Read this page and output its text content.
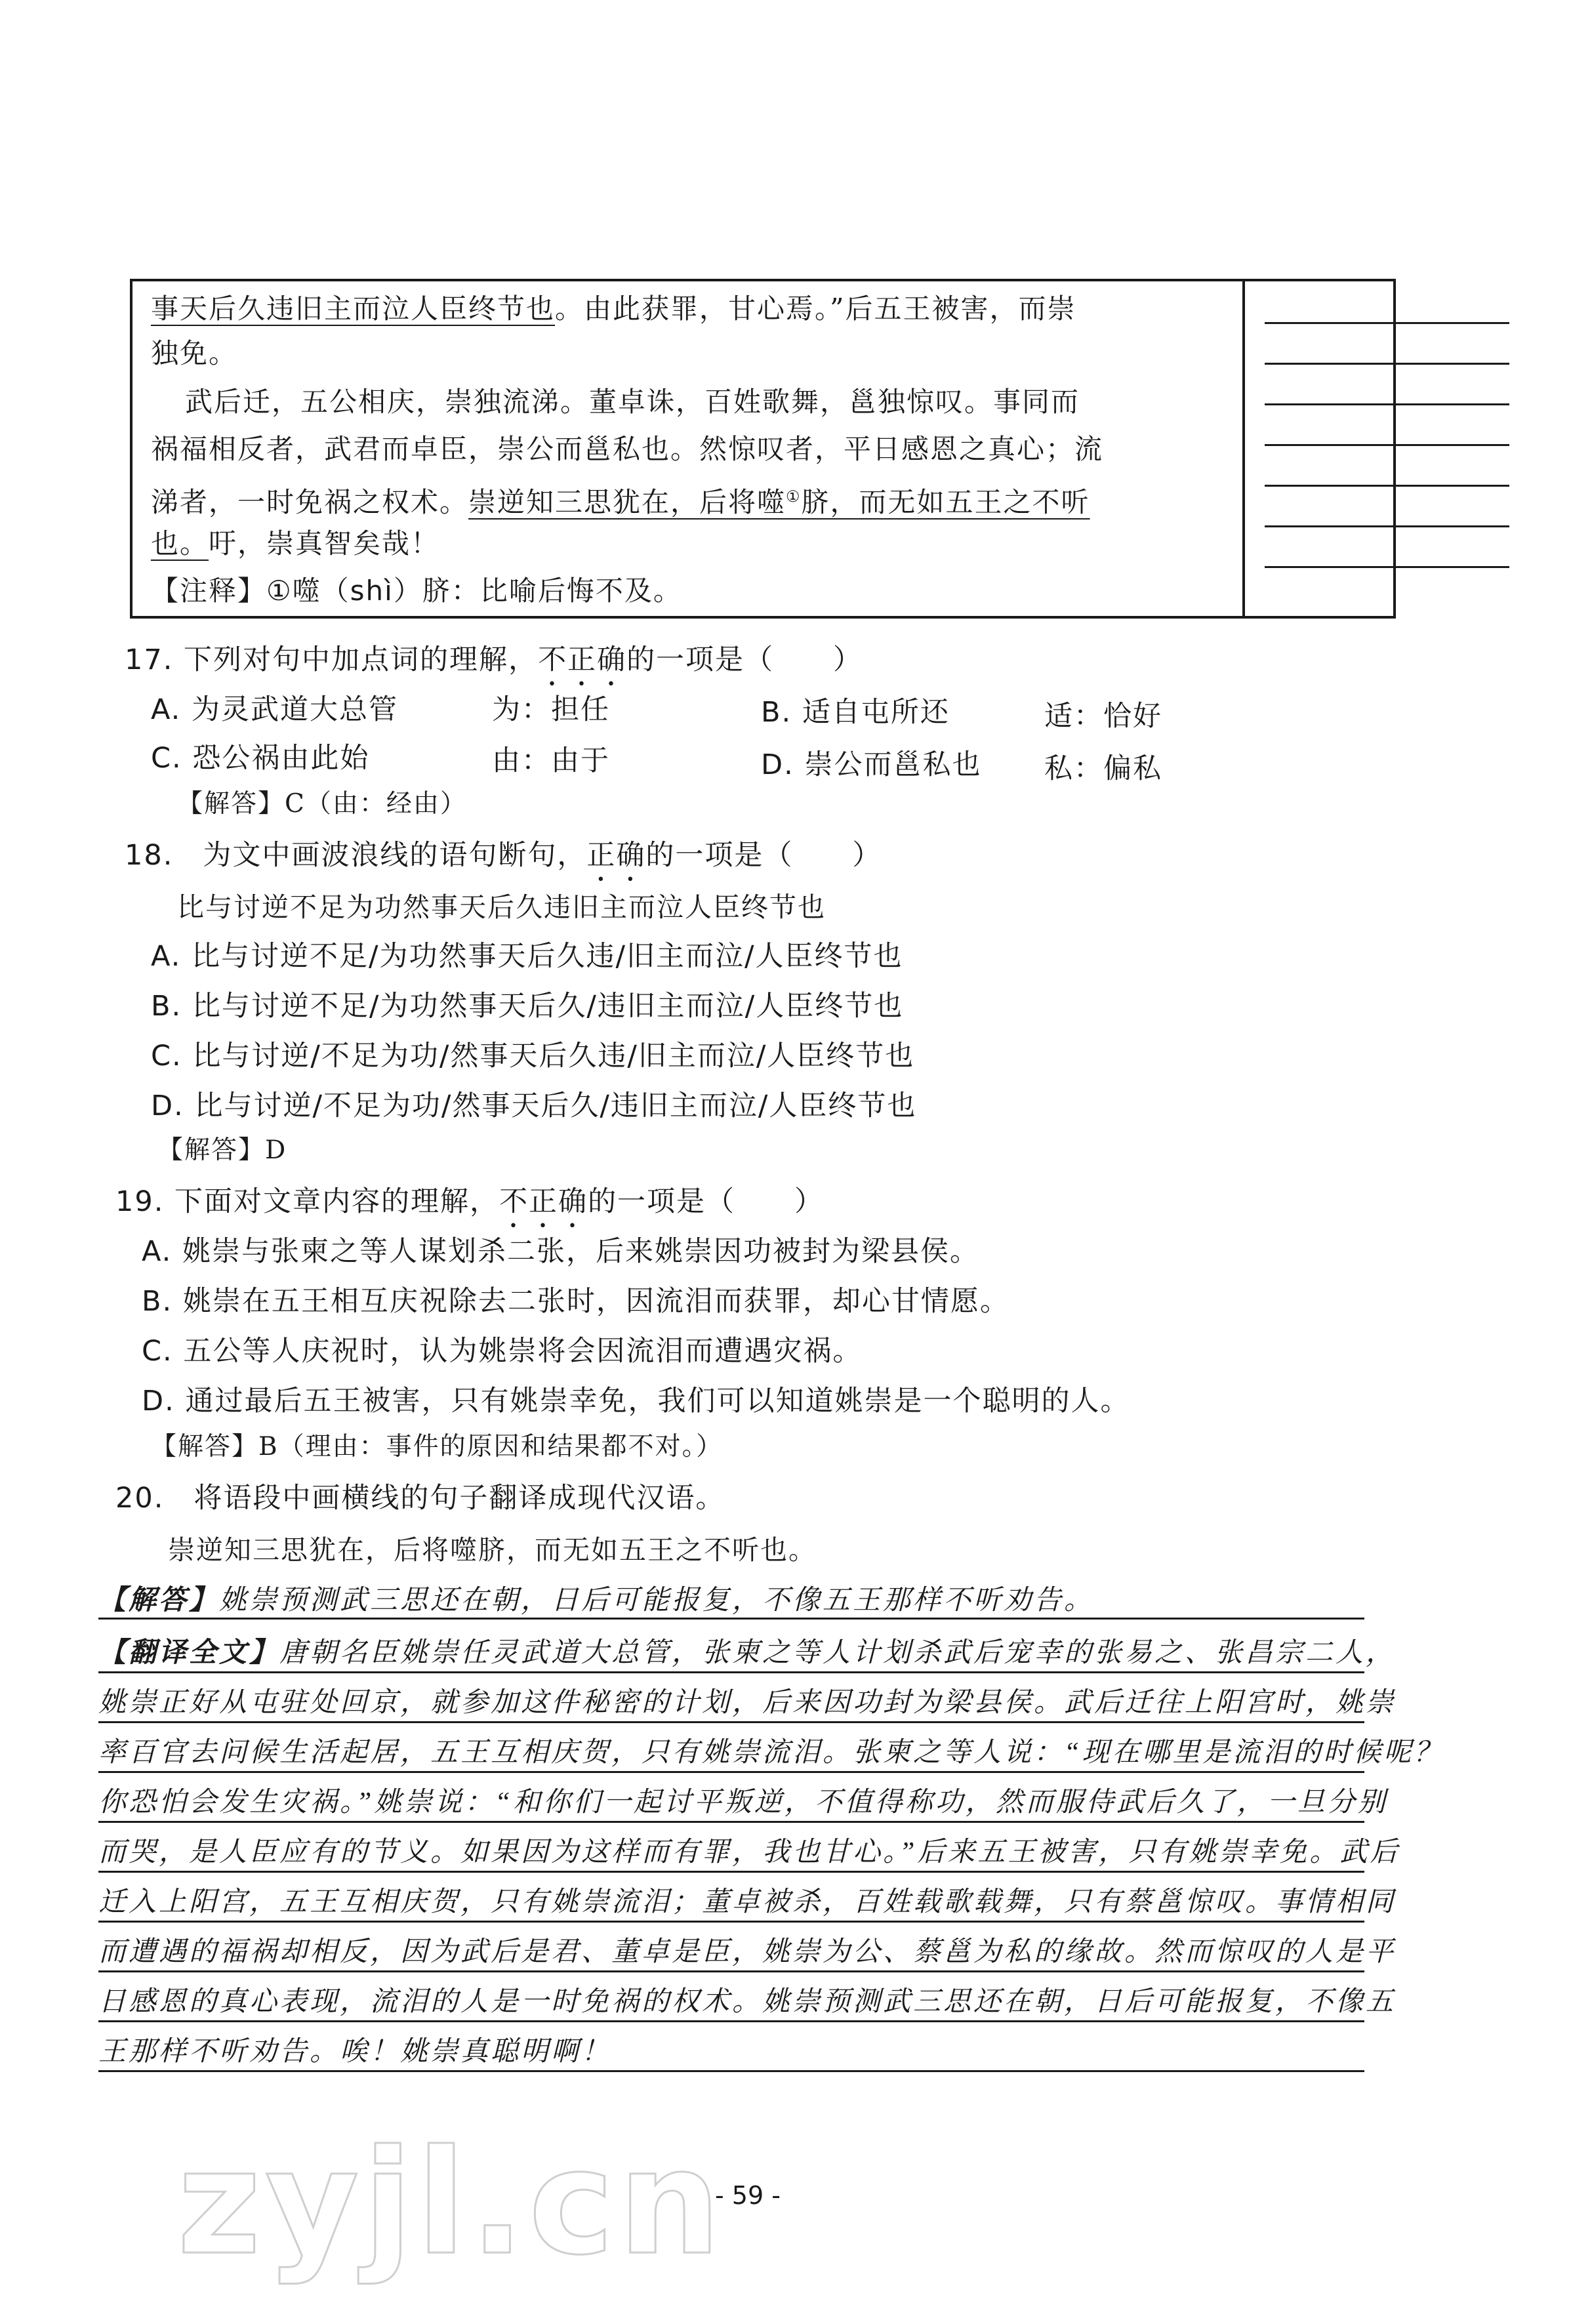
事天后久违旧主而泣人臣终节也。由此获罪，甘心焉。”后五王被害，而崇
独免。
武后迁，五公相庆，崇独流涕。董卓诛，百姓歌舞，邕独惊叹。事同而
祸福相反者，武君而卓臣，崇公而邕私也。然惊叹者，平日感恩之真心；流
涕者，一时免祸之权术。崇逆知三思犹在，后将噬①脐，而无如五王之不听
也。吁，崇真智矣哉！
【注释】①噬（shì）脐：比喻后悔不及。
17. 下列对句中加点词的理解，不正确的一项是（　　）
A. 为灵武道大总管	为：担任	B. 适自屯所还	适：恰好
C. 恐公祸由此始	由：由于	D. 崇公而邕私也 私：偏私
【解答】C（由：经由）
18.　为文中画波浪线的语句断句，正确的一项是（　　）
比与讨逆不足为功然事天后久违旧主而泣人臣终节也
A. 比与讨逆不足/为功然事天后久违/旧主而泣/人臣终节也
B. 比与讨逆不足/为功然事天后久/违旧主而泣/人臣终节也
C. 比与讨逆/不足为功/然事天后久违/旧主而泣/人臣终节也
D. 比与讨逆/不足为功/然事天后久/违旧主而泣/人臣终节也
【解答】D
19. 下面对文章内容的理解，不正确的一项是（　　）
A. 姚崇与张柬之等人谋划杀二张，后来姚崇因功被封为梁县侯。
B. 姚崇在五王相互庆祝除去二张时，因流泪而获罪，却心甘情愿。
C. 五公等人庆祝时，认为姚崇将会因流泪而遭遇灾祸。
D. 通过最后五王被害，只有姚崇幸免，我们可以知道姚崇是一个聪明的人。
【解答】B（理由：事件的原因和结果都不对。）
20.　将语段中画横线的句子翻译成现代汉语。
崇逆知三思犹在，后将噬脐，而无如五王之不听也。
【解答】姚崇预测武三思还在朝，日后可能报复，不像五王那样不听劝告。
【翻译全文】唐朝名臣姚崇任灵武道大总管，张柬之等人计划杀武后宠幸的张易之、张昌宗二人，
姚崇正好从屯驻处回京，就参加这件秘密的计划，后来因功封为梁县侯。武后迁往上阳宫时，姚崇
率百官去问候生活起居，五王互相庆贺，只有姚崇流泪。张柬之等人说：“现在哪里是流泪的时候呢？
你恐怕会发生灾祸。”姚崇说：“和你们一起讨平叛逆，不值得称功，然而服侍武后久了，一旦分别
而哭，是人臣应有的节义。如果因为这样而有罪，我也甘心。”后来五王被害，只有姚崇幸免。武后
迁入上阳宫，五王互相庆贺，只有姚崇流泪；董卓被杀，百姓载歌载舞，只有蔡邕惊叹。事情相同
而遭遇的福祸却相反，因为武后是君、董卓是臣，姚崇为公、蔡邕为私的缘故。然而惊叹的人是平
日感恩的真心表现，流泪的人是一时免祸的权术。姚崇预测武三思还在朝，日后可能报复，不像五
王那样不听劝告。唉！姚崇真聪明啊！
zyjl.cn
- 59 -
